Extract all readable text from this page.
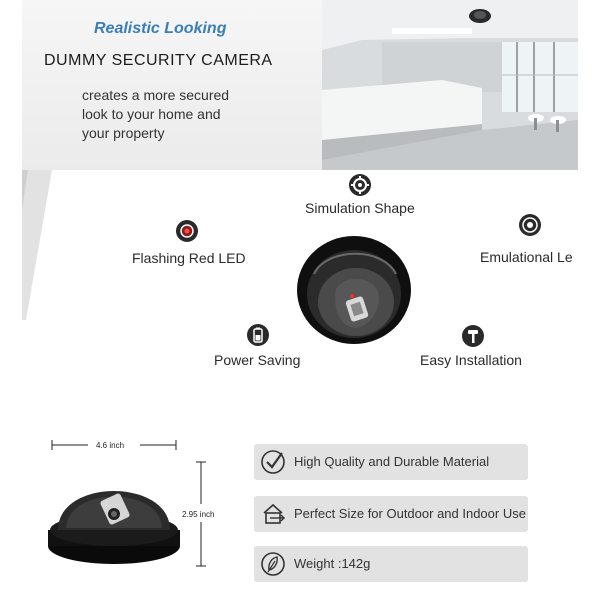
Realistic Looking
DUMMY SECURITY CAMERA
creates a more secured
look to your home and
your property
Simulation Shape
Flashing Red LED	Emulational Le
Power Saving	Easy Installation
4.6 inch
2.95 inch
High Quality and Durable Material
Perfect Size for Outdoor and Indoor Use
Weight :142g
